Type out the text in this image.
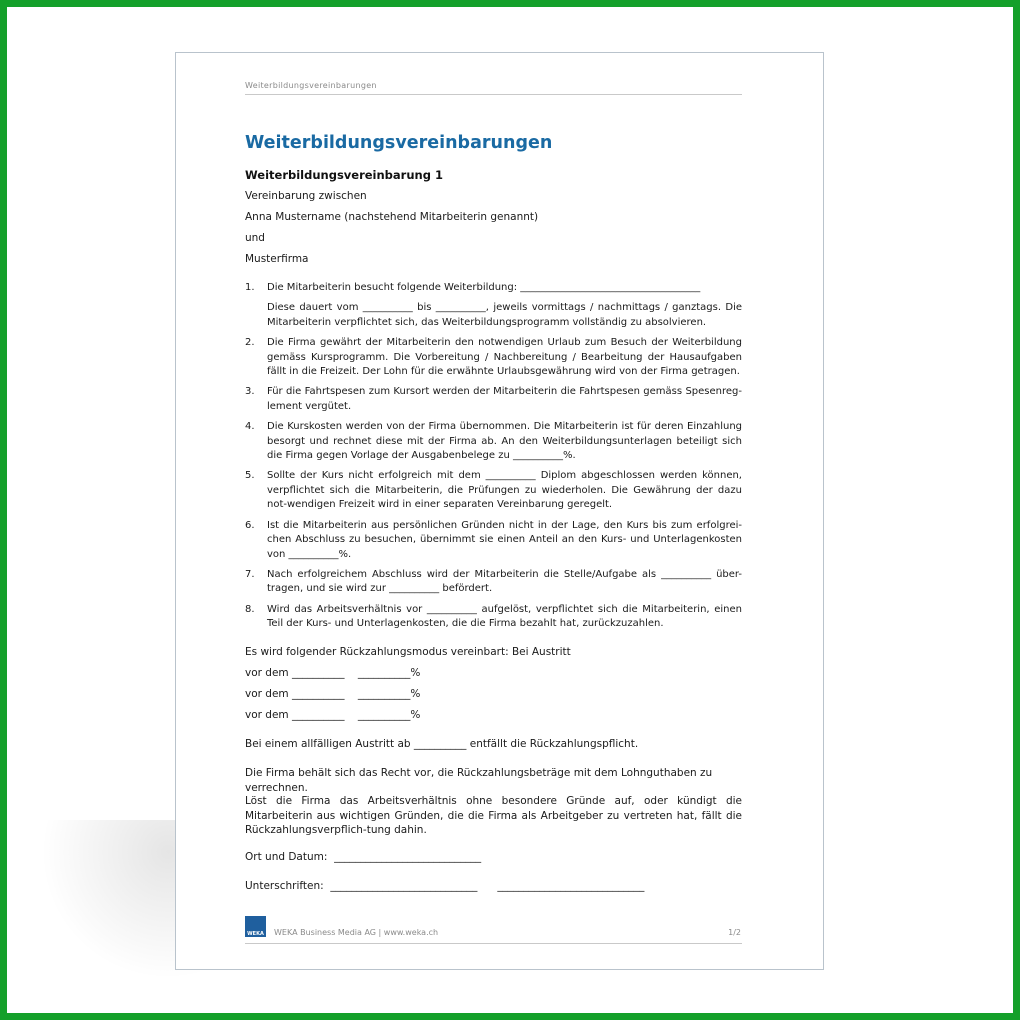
Weiterbildungsvereinbarungen
Weiterbildungsvereinbarungen
Weiterbildungsvereinbarung 1
Vereinbarung zwischen
Anna Mustername (nachstehend Mitarbeiterin genannt)
und
Musterfirma
1. Die Mitarbeiterin besucht folgende Weiterbildung: ____________________________________

Diese dauert vom __________ bis __________, jeweils vormittags / nachmittags / ganztags. Die Mitarbeiterin verpflichtet sich, das Weiterbildungsprogramm vollständig zu absolvieren.

2. Die Firma gewährt der Mitarbeiterin den notwendigen Urlaub zum Besuch der Weiterbildung gemäss Kursprogramm. Die Vorbereitung / Nachbereitung / Bearbeitung der Hausaufgaben fällt in die Freizeit. Der Lohn für die erwähnte Urlaubsgewährung wird von der Firma getragen.

3. Für die Fahrtspesen zum Kursort werden der Mitarbeiterin die Fahrtspesen gemäss Spesenreg-lement vergütet.

4. Die Kurskosten werden von der Firma übernommen. Die Mitarbeiterin ist für deren Einzahlung besorgt und rechnet diese mit der Firma ab. An den Weiterbildungsunterlagen beteiligt sich die Firma gegen Vorlage der Ausgabenbelege zu __________%.

5. Sollte der Kurs nicht erfolgreich mit dem __________ Diplom abgeschlossen werden können, verpflichtet sich die Mitarbeiterin, die Prüfungen zu wiederholen. Die Gewährung der dazu not-wendigen Freizeit wird in einer separaten Vereinbarung geregelt.

6. Ist die Mitarbeiterin aus persönlichen Gründen nicht in der Lage, den Kurs bis zum erfolgrei-chen Abschluss zu besuchen, übernimmt sie einen Anteil an den Kurs- und Unterlagenkosten von __________%.

7. Nach erfolgreichem Abschluss wird der Mitarbeiterin die Stelle/Aufgabe als __________ über-tragen, und sie wird zur __________ befördert.

8. Wird das Arbeitsverhältnis vor __________ aufgelöst, verpflichtet sich die Mitarbeiterin, einen Teil der Kurs- und Unterlagenkosten, die die Firma bezahlt hat, zurückzuzahlen.

Es wird folgender Rückzahlungsmodus vereinbart: Bei Austritt
vor dem __________    __________%
vor dem __________    __________%
vor dem __________    __________%
Bei einem allfälligen Austritt ab __________ entfällt die Rückzahlungspflicht.
Die Firma behält sich das Recht vor, die Rückzahlungsbeträge mit dem Lohnguthaben zu verrechnen.
Löst die Firma das Arbeitsverhältnis ohne besondere Gründe auf, oder kündigt die Mitarbeiterin aus wichtigen Gründen, die die Firma als Arbeitgeber zu vertreten hat, fällt die Rückzahlungsverpflich-tung dahin.
Ort und Datum:  ____________________________
Unterschriften:  ____________________________      ____________________________
WEKA WEKA Business Media AG | www.weka.ch	1/2
